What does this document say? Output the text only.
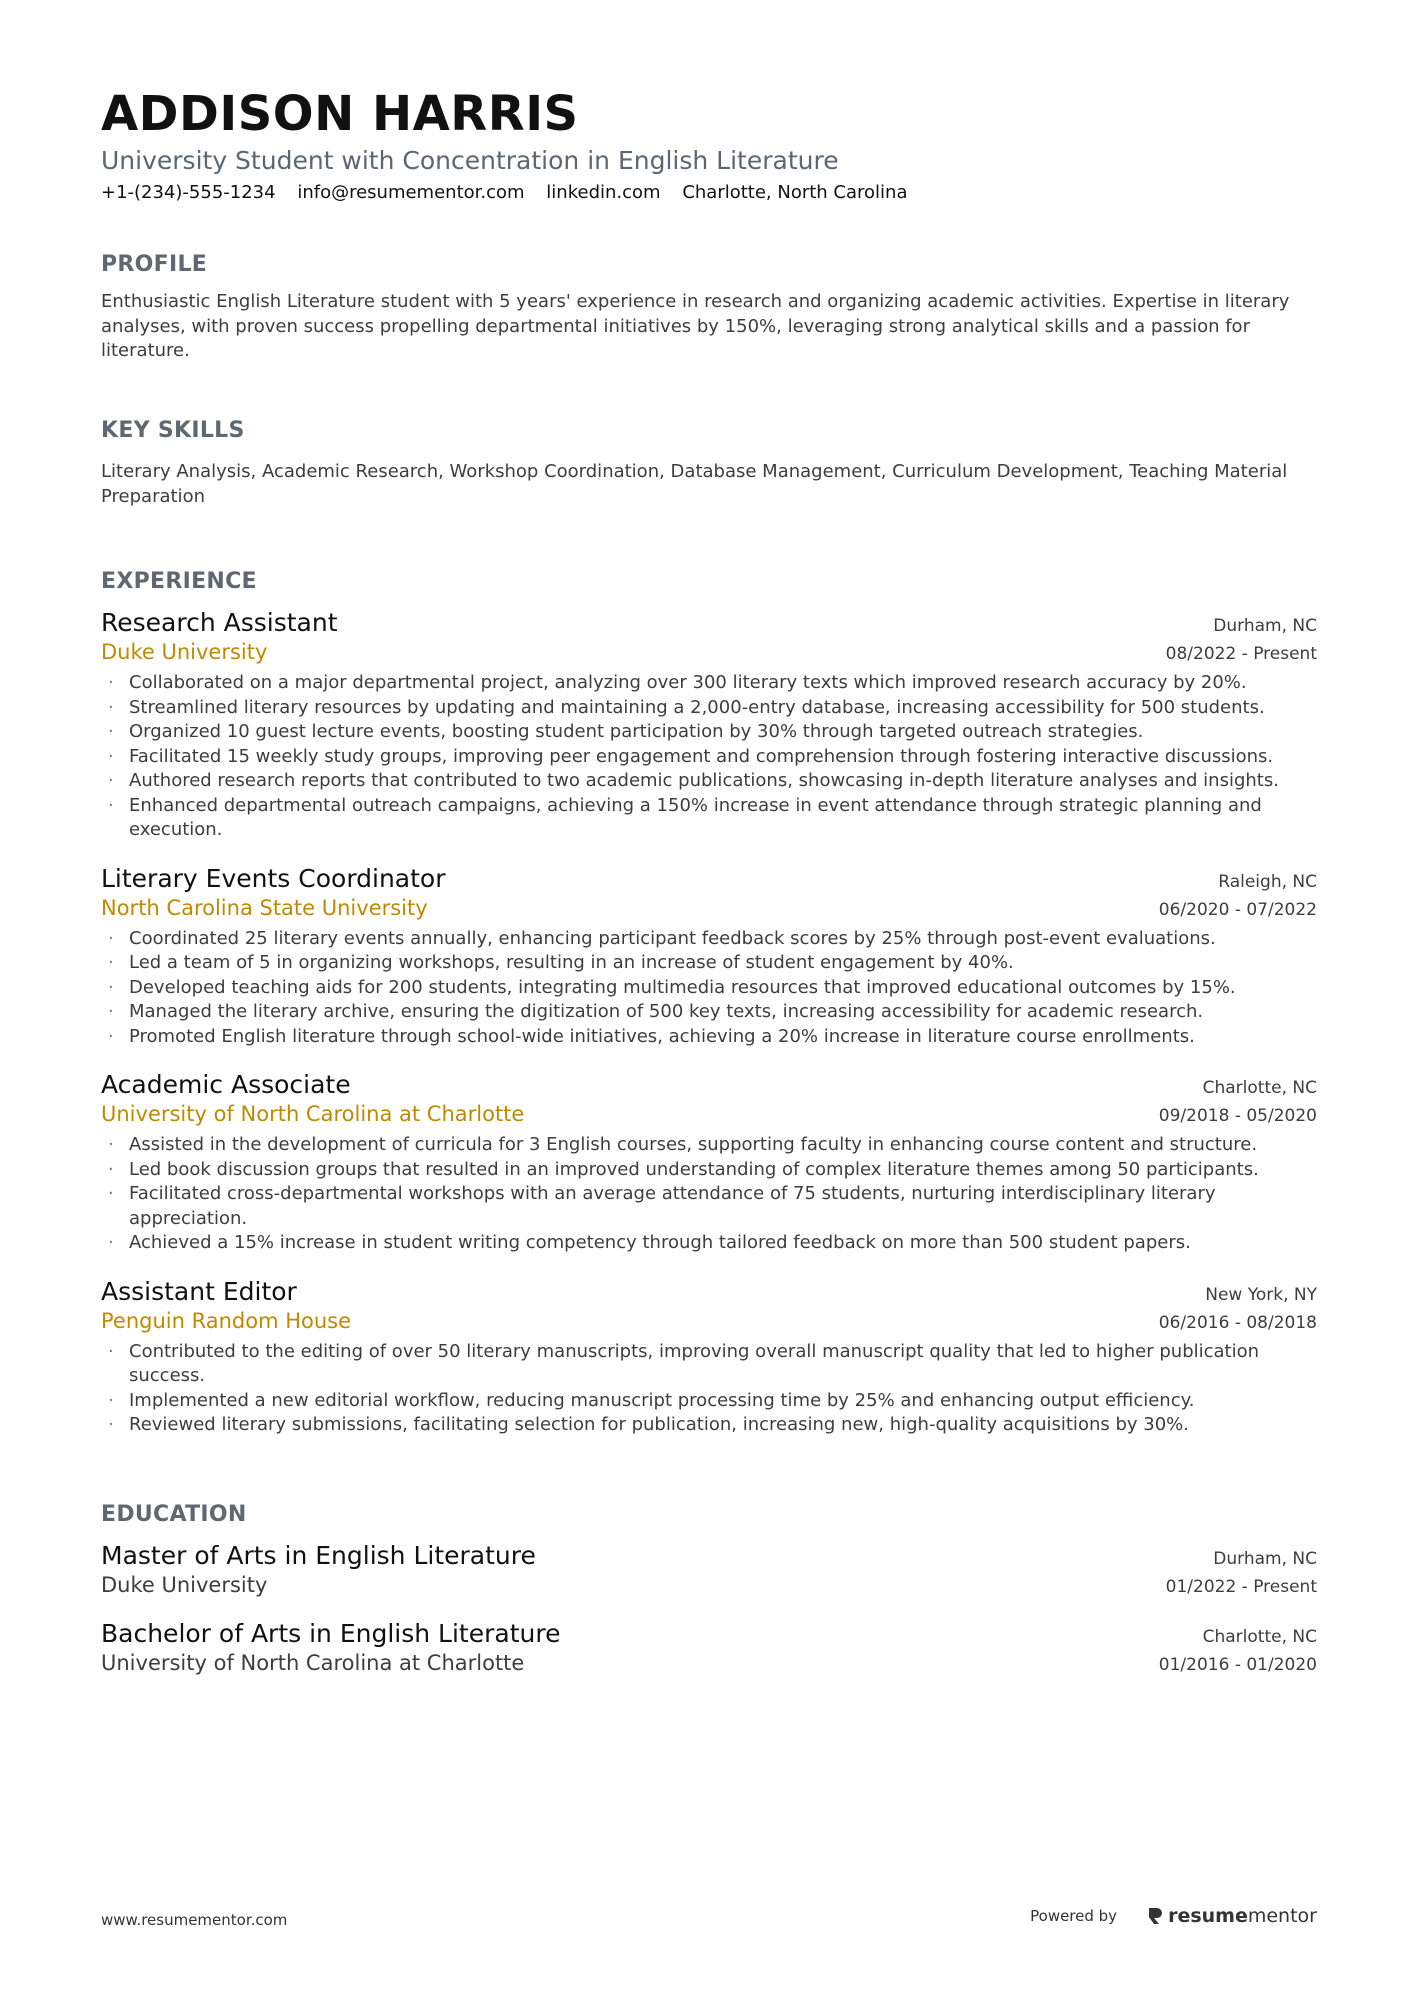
ADDISON HARRIS
University Student with Concentration in English Literature
+1-(234)-555-1234 info@resumementor.com linkedin.com Charlotte, North Carolina
PROFILE
Enthusiastic English Literature student with 5 years' experience in research and organizing academic activities. Expertise in literary analyses, with proven success propelling departmental initiatives by 150%, leveraging strong analytical skills and a passion for literature.
KEY SKILLS
Literary Analysis, Academic Research, Workshop Coordination, Database Management, Curriculum Development, Teaching Material Preparation
EXPERIENCE
Research Assistant	Durham, NC
Duke University	08/2022 - Present
· Collaborated on a major departmental project, analyzing over 300 literary texts which improved research accuracy by 20%.
· Streamlined literary resources by updating and maintaining a 2,000-entry database, increasing accessibility for 500 students.
· Organized 10 guest lecture events, boosting student participation by 30% through targeted outreach strategies.
· Facilitated 15 weekly study groups, improving peer engagement and comprehension through fostering interactive discussions.
· Authored research reports that contributed to two academic publications, showcasing in-depth literature analyses and insights.
· Enhanced departmental outreach campaigns, achieving a 150% increase in event attendance through strategic planning and execution.
Literary Events Coordinator	Raleigh, NC
North Carolina State University	06/2020 - 07/2022
· Coordinated 25 literary events annually, enhancing participant feedback scores by 25% through post-event evaluations.
· Led a team of 5 in organizing workshops, resulting in an increase of student engagement by 40%.
· Developed teaching aids for 200 students, integrating multimedia resources that improved educational outcomes by 15%.
· Managed the literary archive, ensuring the digitization of 500 key texts, increasing accessibility for academic research.
· Promoted English literature through school-wide initiatives, achieving a 20% increase in literature course enrollments.
Academic Associate	Charlotte, NC
University of North Carolina at Charlotte	09/2018 - 05/2020
· Assisted in the development of curricula for 3 English courses, supporting faculty in enhancing course content and structure.
· Led book discussion groups that resulted in an improved understanding of complex literature themes among 50 participants.
· Facilitated cross-departmental workshops with an average attendance of 75 students, nurturing interdisciplinary literary appreciation.
· Achieved a 15% increase in student writing competency through tailored feedback on more than 500 student papers.
Assistant Editor	New York, NY
Penguin Random House	06/2016 - 08/2018
· Contributed to the editing of over 50 literary manuscripts, improving overall manuscript quality that led to higher publication success.
· Implemented a new editorial workflow, reducing manuscript processing time by 25% and enhancing output efficiency.
· Reviewed literary submissions, facilitating selection for publication, increasing new, high-quality acquisitions by 30%.
EDUCATION
Master of Arts in English Literature	Durham, NC
Duke University	01/2022 - Present
Bachelor of Arts in English Literature	Charlotte, NC
University of North Carolina at Charlotte	01/2016 - 01/2020
www.resumementor.com	Powered by	resume mentor
